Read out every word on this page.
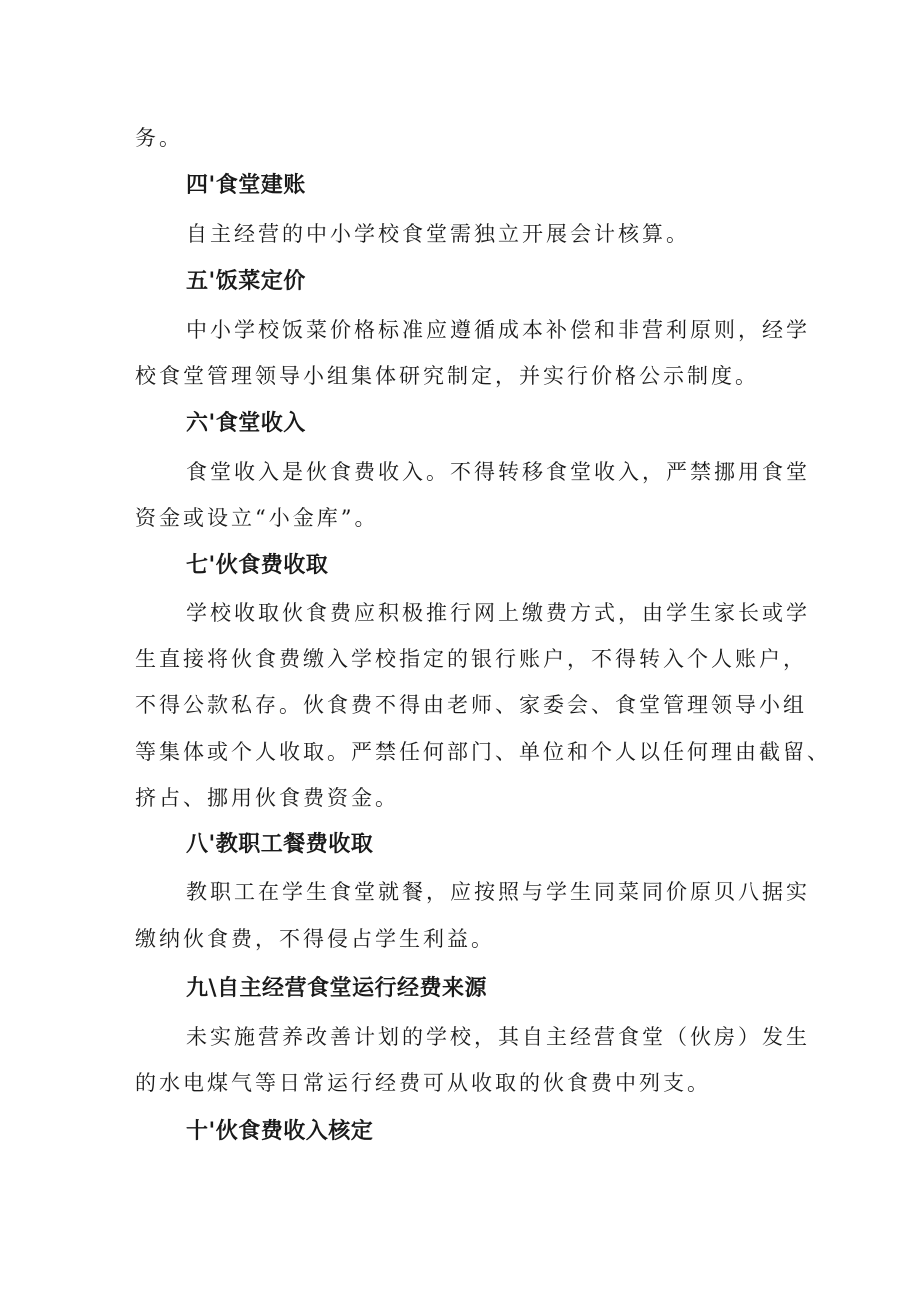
务。
四'食堂建账
自主经营的中小学校食堂需独立开展会计核算。
五'饭菜定价
中小学校饭菜价格标准应遵循成本补偿和非营利原则，经学
校食堂管理领导小组集体研究制定，并实行价格公示制度。
六'食堂收入
食堂收入是伙食费收入。不得转移食堂收入，严禁挪用食堂
资金或设立“小金库”。
七'伙食费收取
学校收取伙食费应积极推行网上缴费方式，由学生家长或学
生直接将伙食费缴入学校指定的银行账户，不得转入个人账户，
不得公款私存。伙食费不得由老师、家委会、食堂管理领导小组
等集体或个人收取。严禁任何部门、单位和个人以任何理由截留、
挤占、挪用伙食费资金。
八'教职工餐费收取
教职工在学生食堂就餐，应按照与学生同菜同价原贝八据实
缴纳伙食费，不得侵占学生利益。
九\自主经营食堂运行经费来源
未实施营养改善计划的学校，其自主经营食堂（伙房）发生
的水电煤气等日常运行经费可从收取的伙食费中列支。
十'伙食费收入核定
